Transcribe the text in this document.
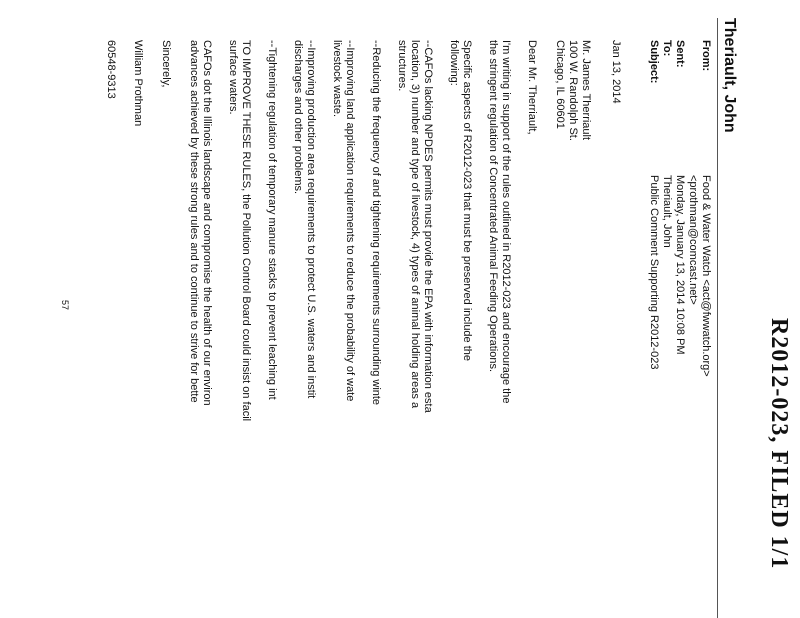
R2012-023, FILED 1/1
Theriault, John
From:
Food & Water Watch <act@fwwatch.org>
<prothman@comcast.net>
Sent:
Monday, January 13, 2014 10:08 PM
To:
Theriault, John
Subject:
Public Comment Supporting R2012-023
Jan 13, 2014
Mr. James Therriault
100 W. Randolph St.
Chicago, IL 60601
Dear Mr. Therriault,
I'm writing in support of the rules outlined in R2012-023 and encourage the
the stringent regulation of Concentrated Animal Feeding Operations.
Specific aspects of R2012-023 that must be preserved include the
following:
--CAFOs lacking NPDES permits must provide the EPA with information esta
location, 3) number and type of livestock, 4) types of animal holding areas a
structures.
--Reducing the frequency of and tightening requirements surrounding winte
--Improving land application requirements to reduce the probability of wate
livestock waste.
--Improving production area requirements to protect U.S. waters and instit
discharges and other problems.
--Tightening regulation of temporary manure stacks to prevent leaching int
TO IMPROVE THESE RULES, the Pollution Control Board could insist on facil
surface waters.
CAFOs dot the Illinois landscape and compromise the health of our environ
advances achieved by these strong rules and to continue to strive for bette
Sincerely,
William Prothman
60548-9313
57
